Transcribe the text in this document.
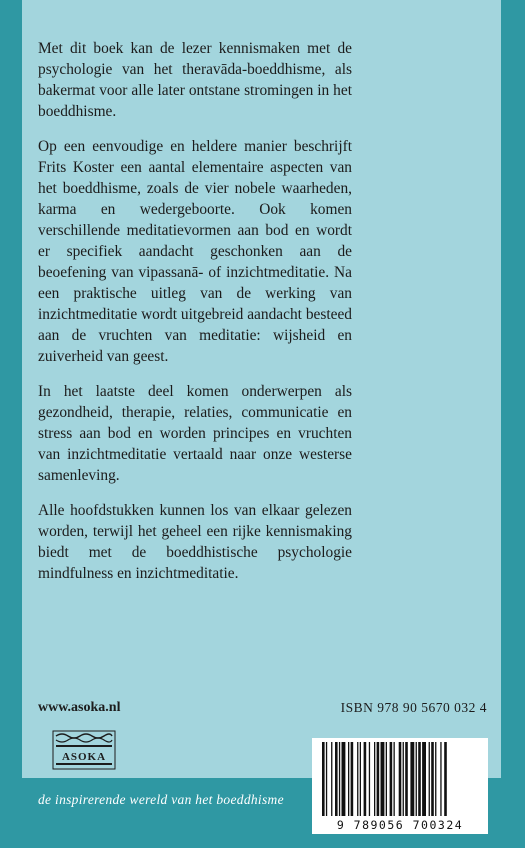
Met dit boek kan de lezer kennismaken met de psychologie van het theravāda-boeddhisme, als bakermat voor alle later ontstane stromingen in het boeddhisme.

Op een eenvoudige en heldere manier beschrijft Frits Koster een aantal elementaire aspecten van het boeddhisme, zoals de vier nobele waarheden, karma en wedergeboorte. Ook komen verschillende meditatievormen aan bod en wordt er specifiek aandacht geschonken aan de beoefening van vipassanā- of inzichtmeditatie. Na een praktische uitleg van de werking van inzichtmeditatie wordt uitgebreid aandacht besteed aan de vruchten van meditatie: wijsheid en zuiverheid van geest.

In het laatste deel komen onderwerpen als gezondheid, therapie, relaties, communicatie en stress aan bod en worden principes en vruchten van inzichtmeditatie vertaald naar onze westerse samenleving.

Alle hoofdstukken kunnen los van elkaar gelezen worden, terwijl het geheel een rijke kennismaking biedt met de boeddhistische psychologie mindfulness en inzichtmeditatie.

www.asoka.nl	ISBN 978 90 5670 032 4
ASOKA
de inspirerende wereld van het boeddhisme
9 789056 700324
